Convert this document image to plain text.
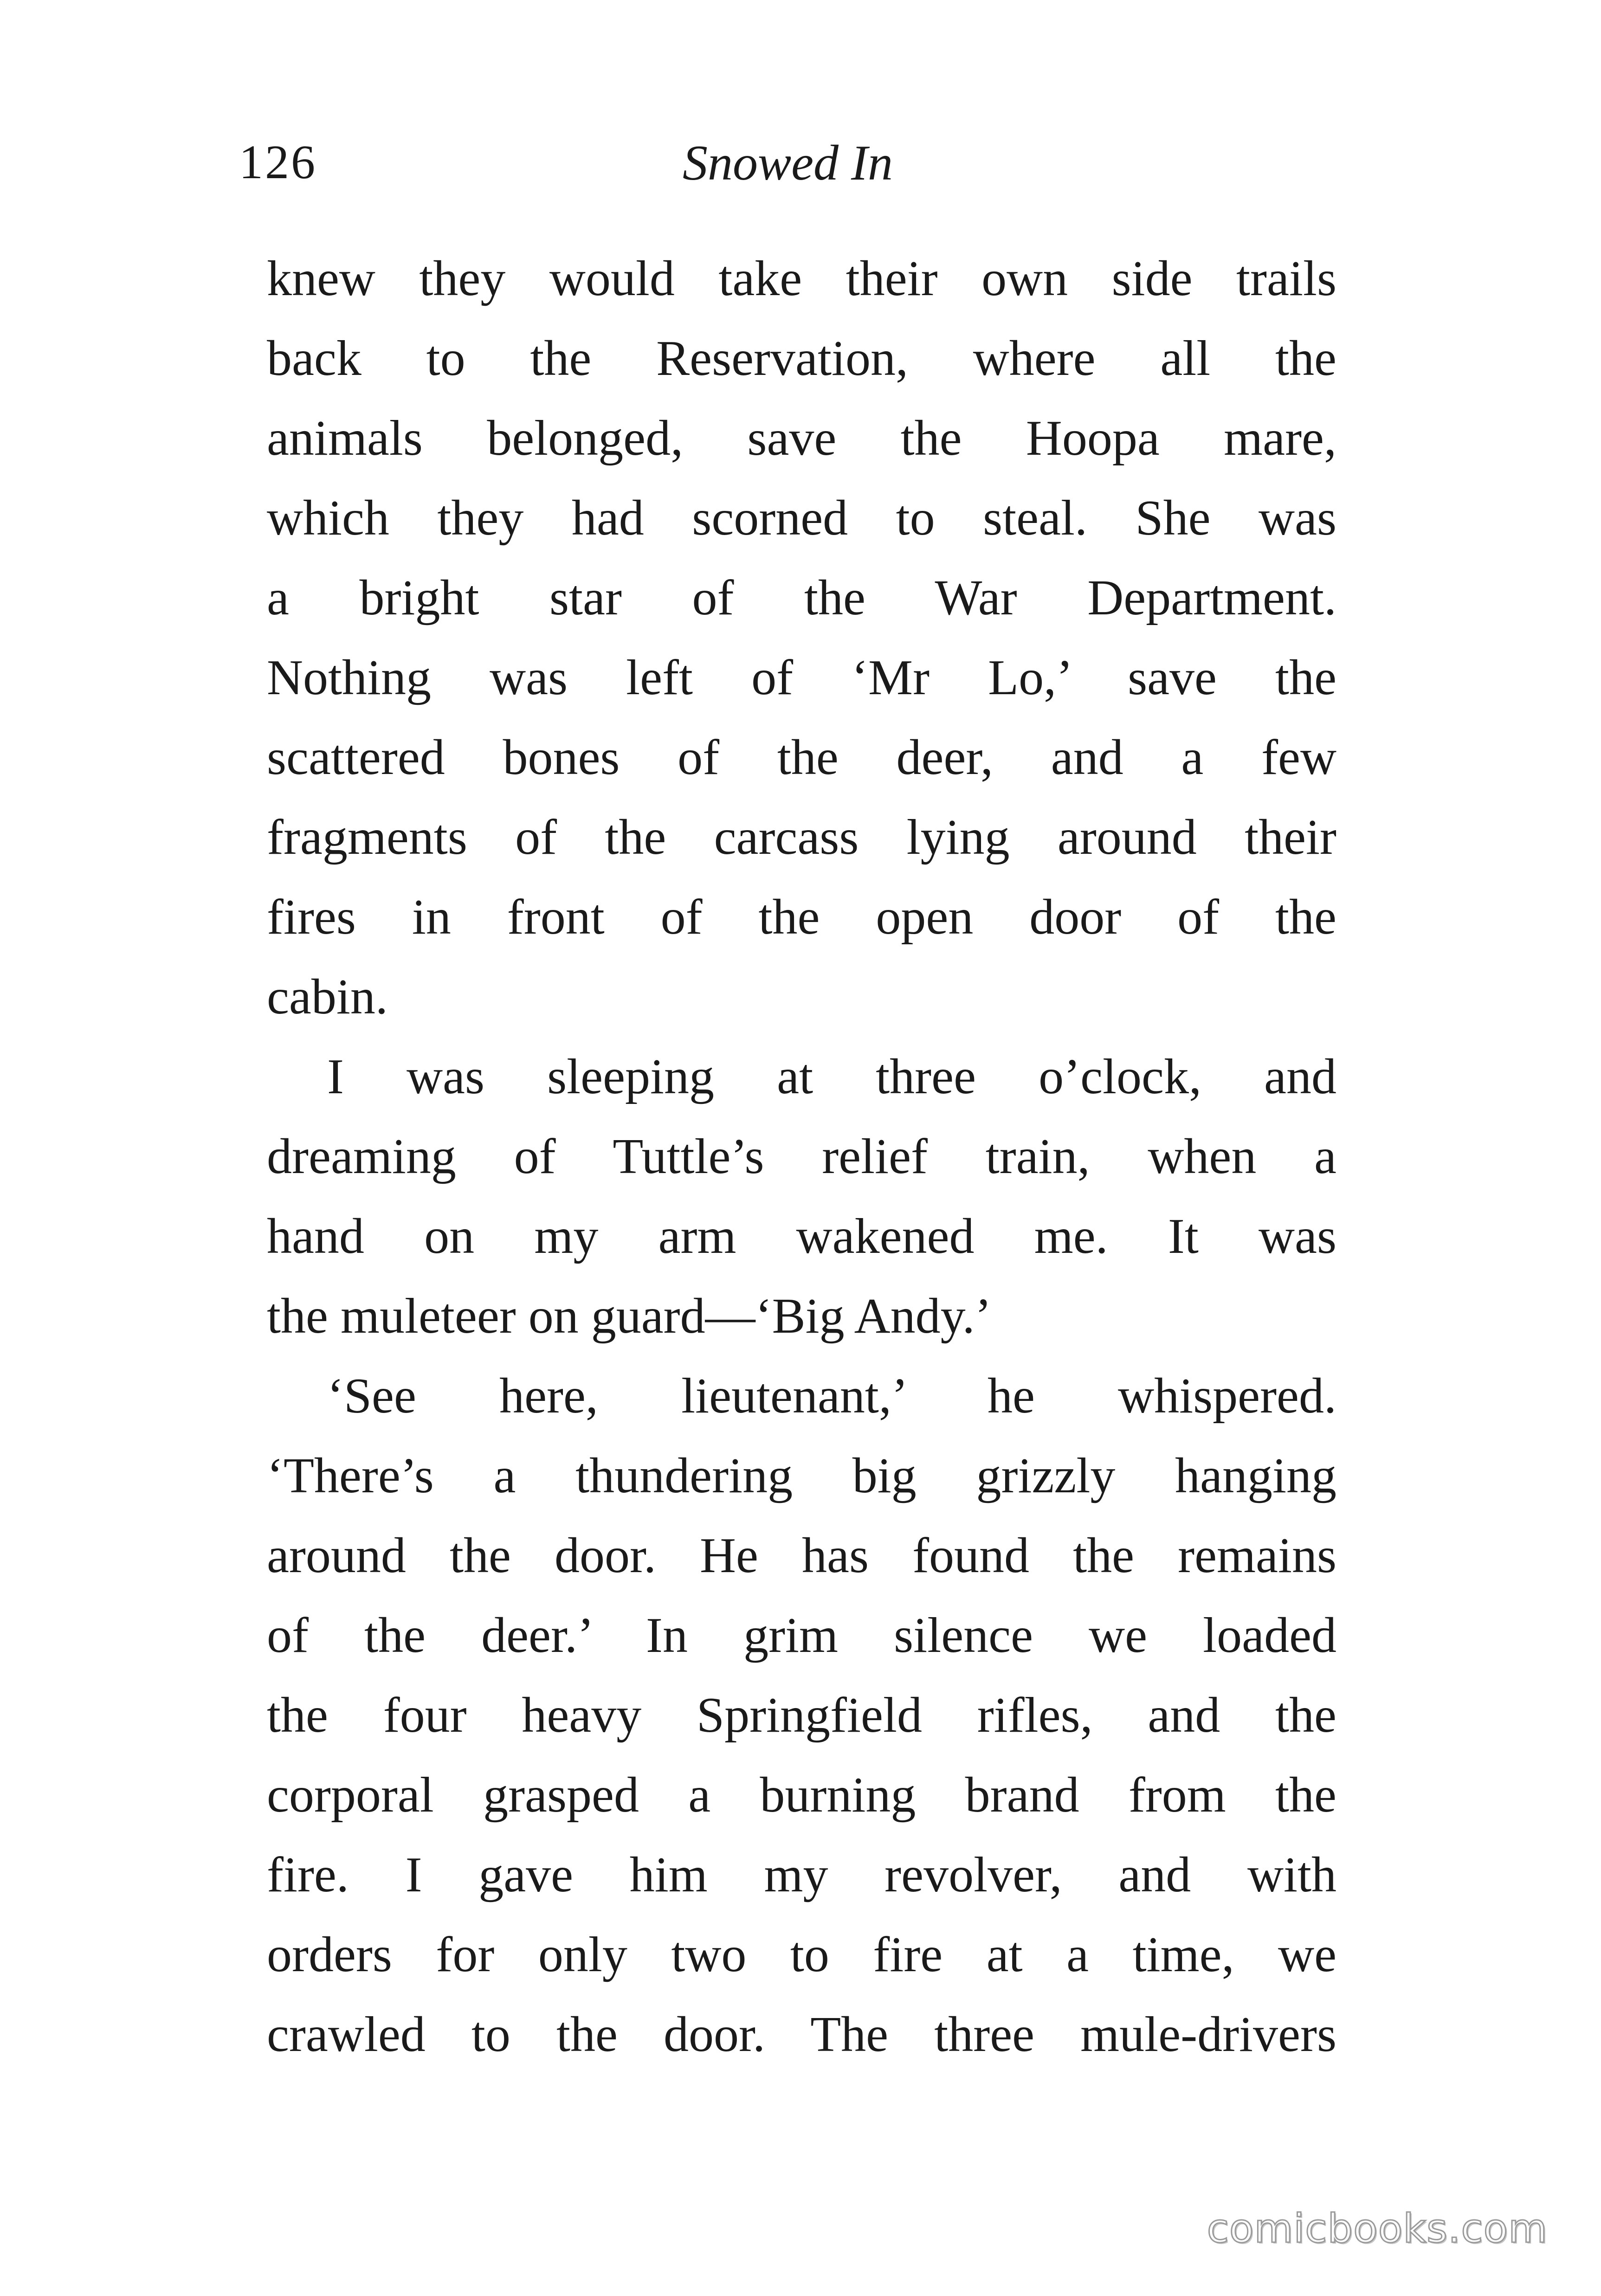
126	Snowed In
knew they would take their own side trails
back to the Reservation, where all the
animals belonged, save the Hoopa mare,
which they had scorned to steal. She was
a bright star of the War Department.
Nothing was left of ‘Mr Lo,’ save the
scattered bones of the deer, and a few
fragments of the carcass lying around their
fires in front of the open door of the
cabin.
I was sleeping at three o’clock, and
dreaming of Tuttle’s relief train, when a
hand on my arm wakened me. It was
the muleteer on guard—‘Big Andy.’
‘See here, lieutenant,’ he whispered.
‘There’s a thundering big grizzly hanging
around the door. He has found the remains
of the deer.’ In grim silence we loaded
the four heavy Springfield rifles, and the
corporal grasped a burning brand from the
fire. I gave him my revolver, and with
orders for only two to fire at a time, we
crawled to the door. The three mule-drivers
comicbooks.com
